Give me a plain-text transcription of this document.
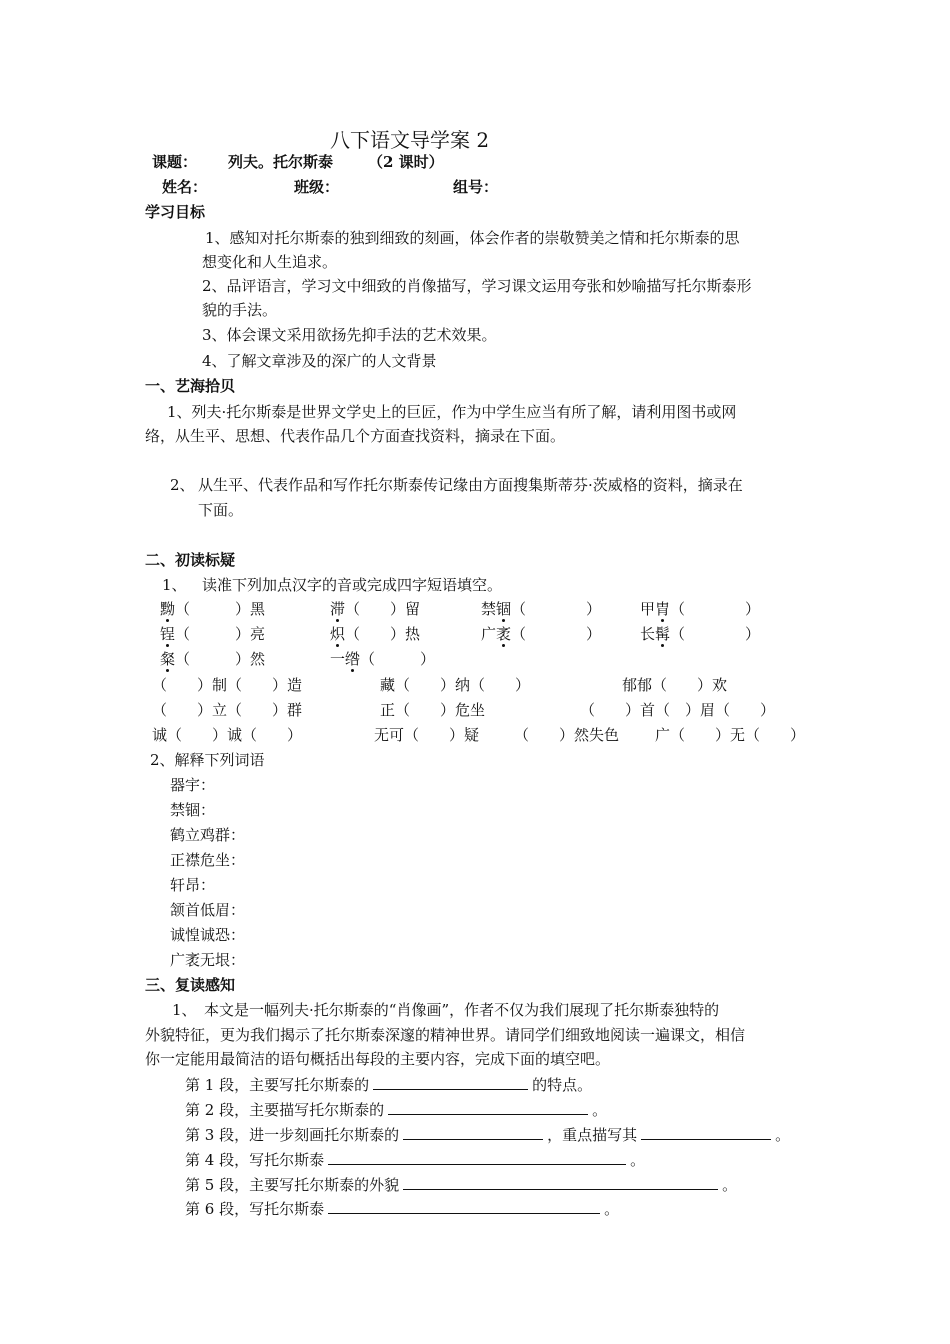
八下语文导学案 2
课题： 列夫。托尔斯泰 （2 课时）
姓名：	班级：	组号：
学习目标
1、感知对托尔斯泰的独到细致的刻画，体会作者的崇敬赞美之情和托尔斯泰的思
想变化和人生追求。
2、品评语言，学习文中细致的肖像描写，学习课文运用夸张和妙喻描写托尔斯泰形
貌的手法。
3、体会课文采用欲扬先抑手法的艺术效果。
4、了解文章涉及的深广的人文背景
一、艺海拾贝
1、列夫·托尔斯泰是世界文学史上的巨匠，作为中学生应当有所了解，请利用图书或网
络，从生平、思想、代表作品几个方面查找资料，摘录在下面。
2、 从生平、代表作品和写作托尔斯泰传记缘由方面搜集斯蒂芬·茨威格的资料，摘录在
下面。
二、初读标疑
1、 读准下列加点汉字的音或完成四字短语填空。
黝（　　　）黑	滞（　　）留	禁锢（　　　　）	甲胄（　　　　）
锃（　　　）亮	炽（　　）热	广袤（　　　　）	长髯（　　　　）
粲（　　　）然	一绺（　　　）
（　　）制（　　）造	藏（　　）纳（　　）	郁郁（　　）欢
（　　）立（　　）群	正（　　）危坐	（　　）首（　）眉（　　）
诚（　　）诚（　　）	无可（　　）疑 （　　）然失色 广（　　）无（　　）
2、解释下列词语
器宇：
禁锢：
鹤立鸡群：
正襟危坐：
轩昂：
颔首低眉：
诚惶诚恐：
广袤无垠：
三、复读感知
1、 本文是一幅列夫·托尔斯泰的“肖像画”，作者不仅为我们展现了托尔斯泰独特的
外貌特征，更为我们揭示了托尔斯泰深邃的精神世界。请同学们细致地阅读一遍课文，相信
你一定能用最简洁的语句概括出每段的主要内容，完成下面的填空吧。
第 1 段，主要写托尔斯泰的	的特点。
第 2 段，主要描写托尔斯泰的	。
第 3 段，进一步刻画托尔斯泰的	，重点描写其	。
第 4 段，写托尔斯泰	。
第 5 段，主要写托尔斯泰的外貌	。
第 6 段，写托尔斯泰	。
